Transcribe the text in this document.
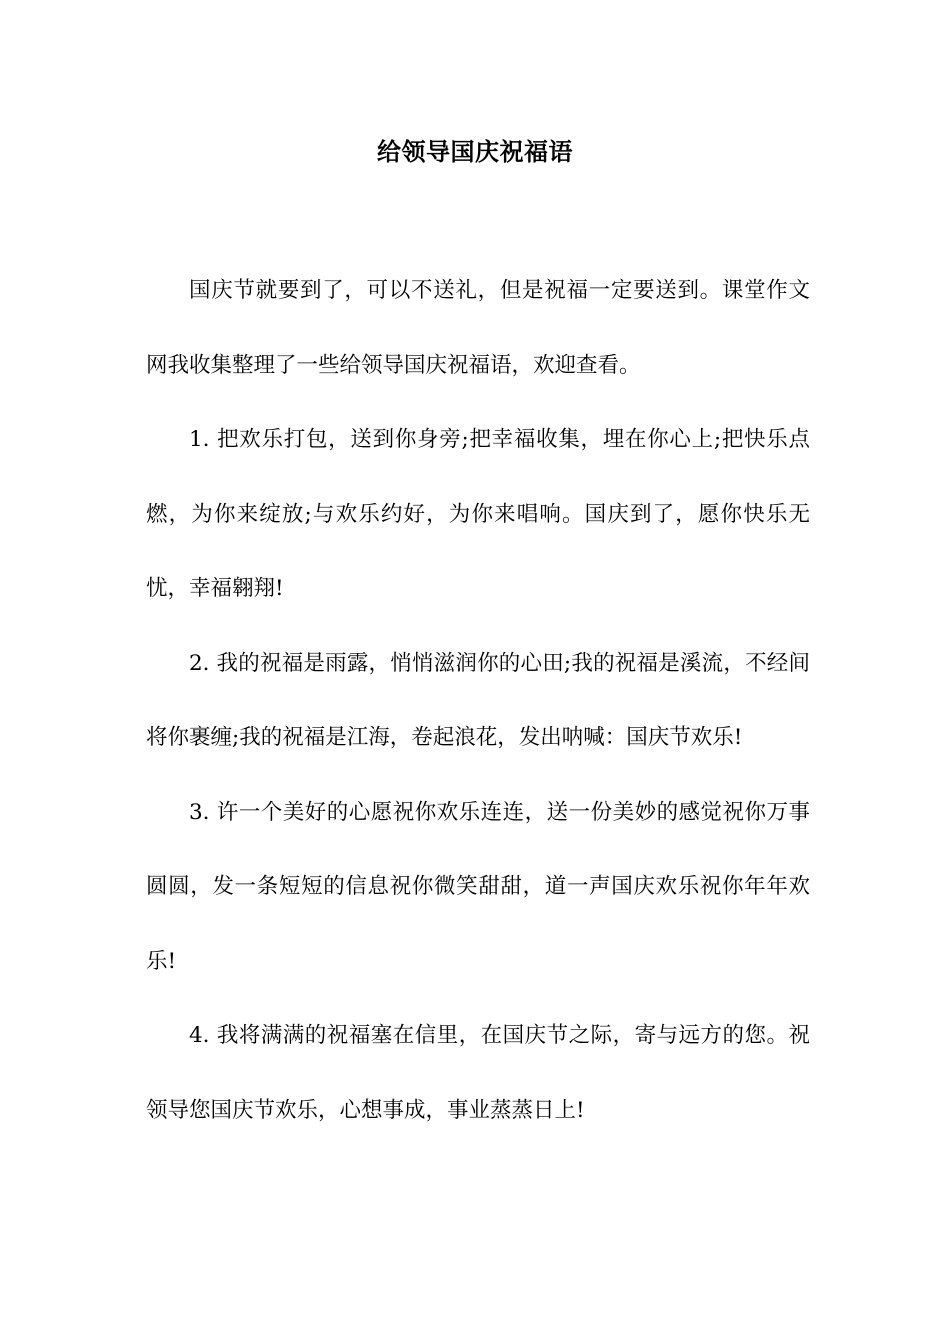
给领导国庆祝福语

国庆节就要到了，可以不送礼，但是祝福一定要送到。课堂作文网我收集整理了一些给领导国庆祝福语，欢迎查看。

1. 把欢乐打包，送到你身旁;把幸福收集，埋在你心上;把快乐点燃，为你来绽放;与欢乐约好，为你来唱响。国庆到了，愿你快乐无忧，幸福翱翔!

2. 我的祝福是雨露，悄悄滋润你的心田;我的祝福是溪流，不经间将你裹缠;我的祝福是江海，卷起浪花，发出呐喊：国庆节欢乐!

3. 许一个美好的心愿祝你欢乐连连，送一份美妙的感觉祝你万事圆圆，发一条短短的信息祝你微笑甜甜，道一声国庆欢乐祝你年年欢乐!

4. 我将满满的祝福塞在信里，在国庆节之际，寄与远方的您。祝领导您国庆节欢乐，心想事成，事业蒸蒸日上!
